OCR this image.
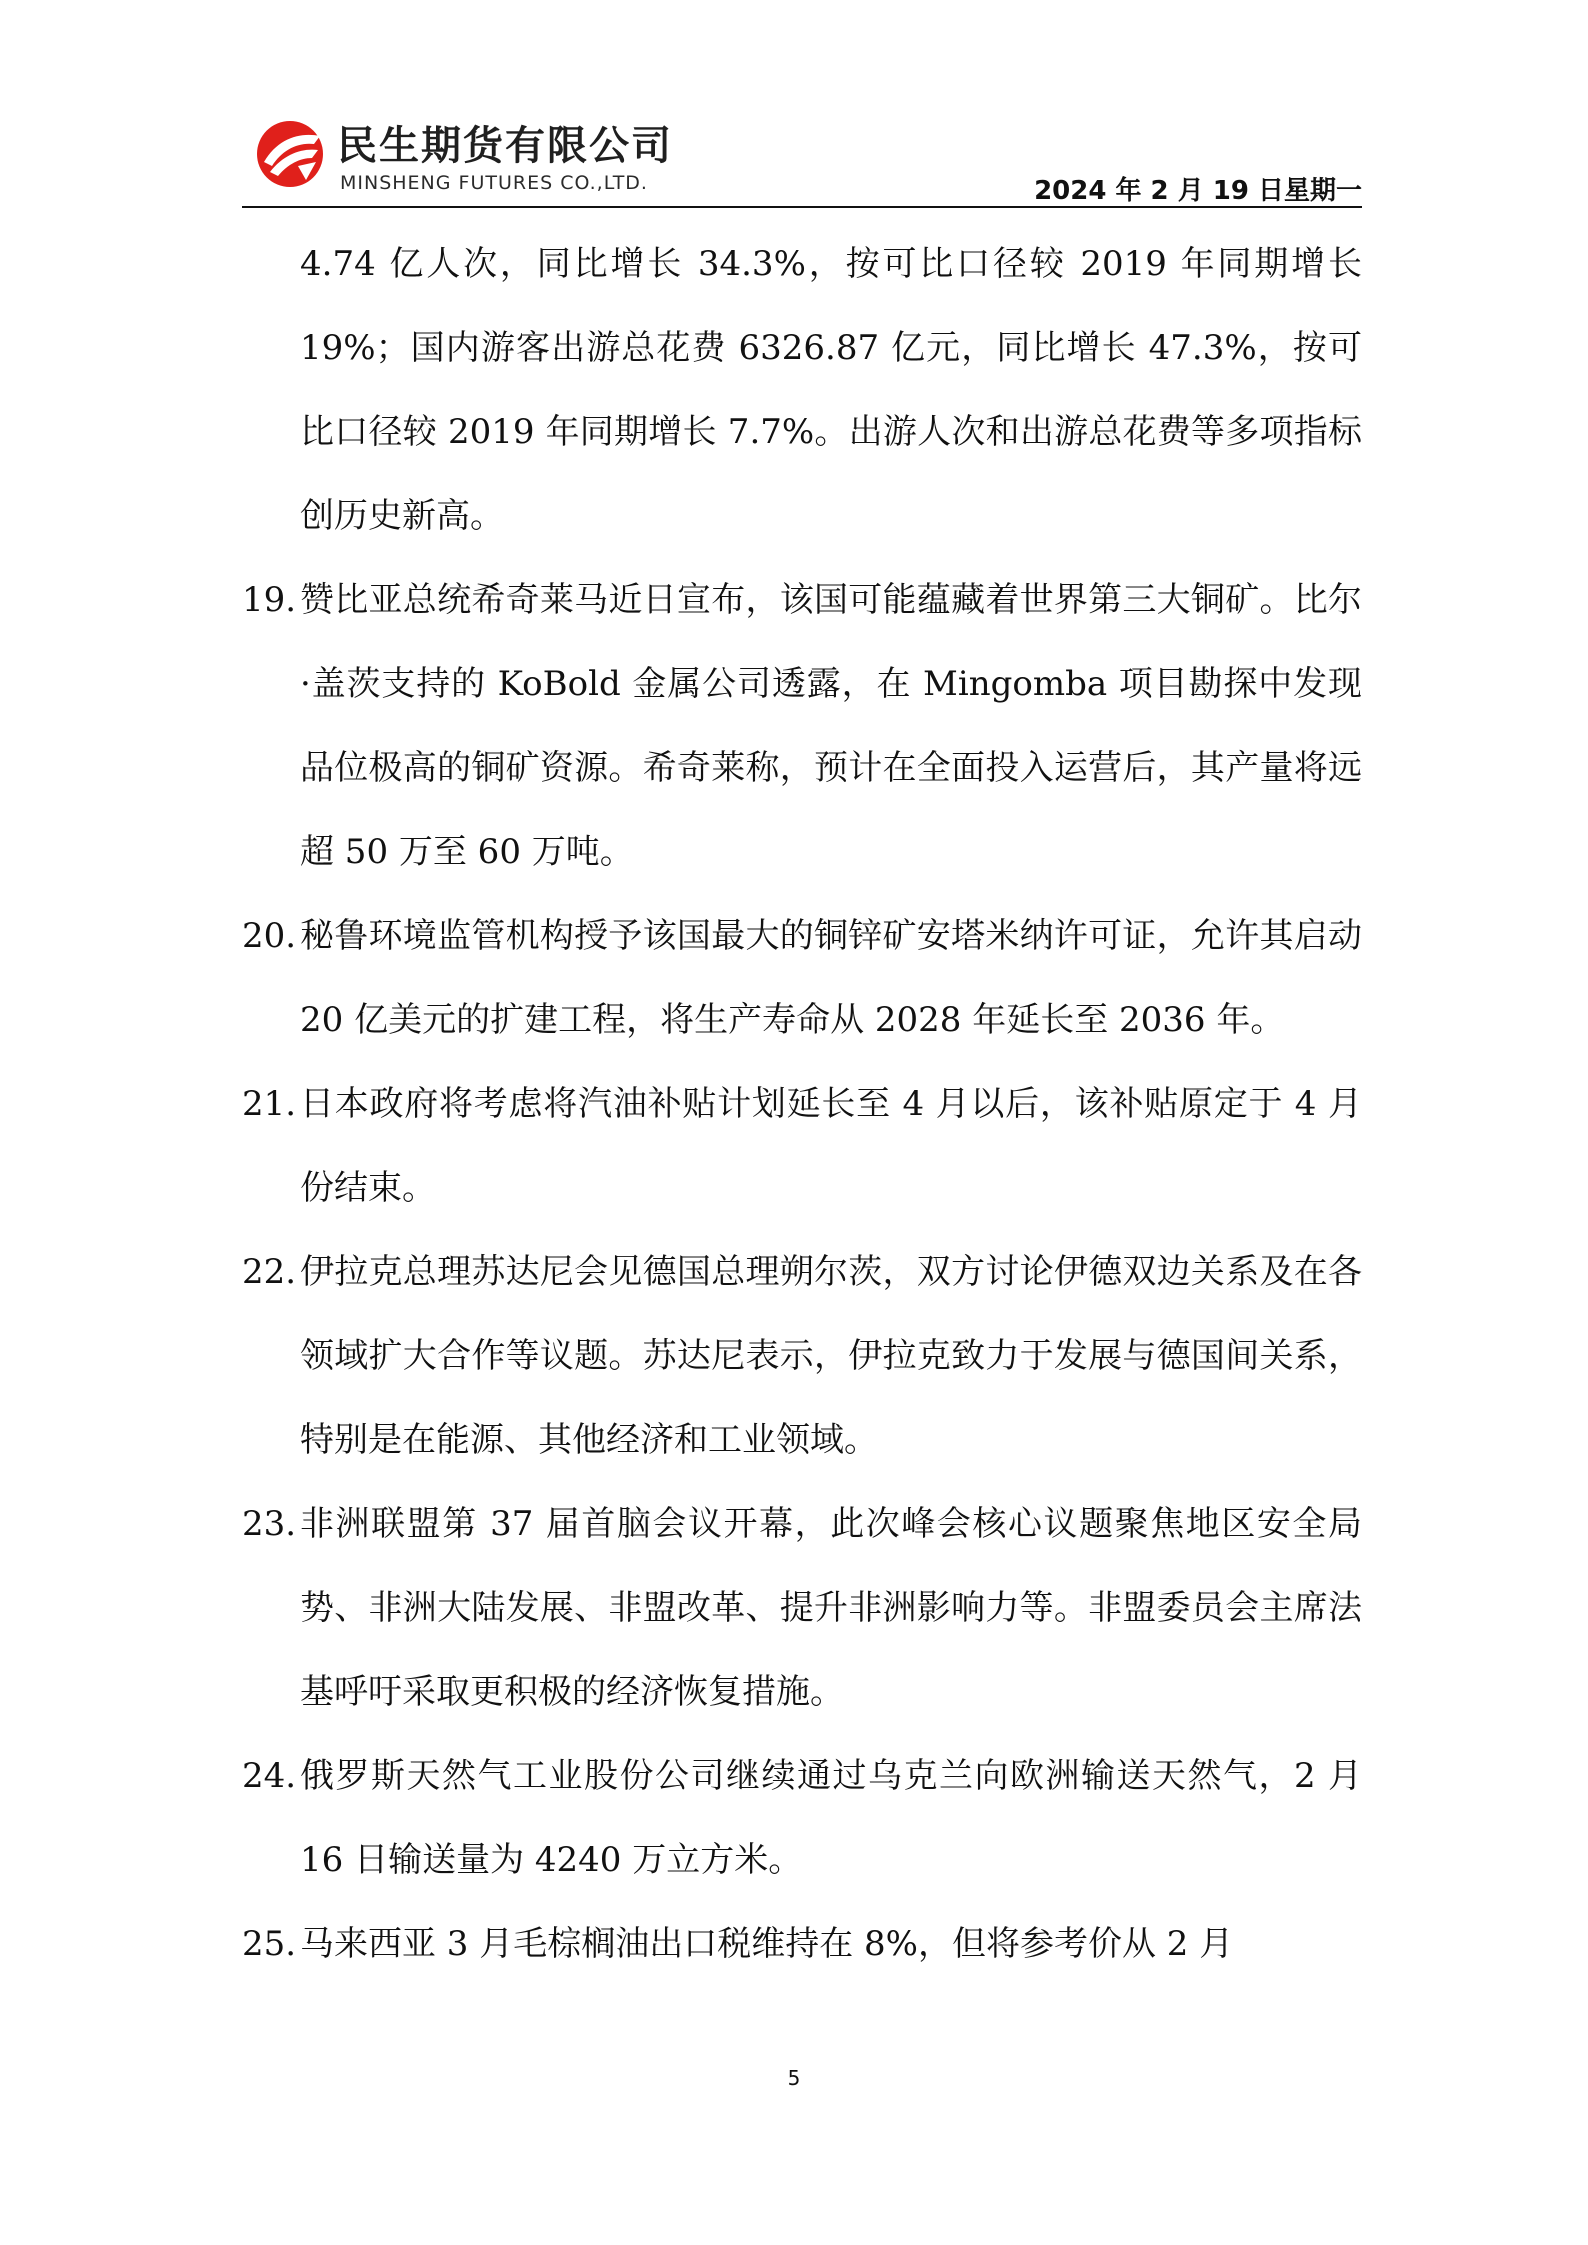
民生期货有限公司
MINSHENG FUTURES CO.,LTD.	2024 年 2 月 19 日星期一
4.74 亿人次，同比增长 34.3%，按可比口径较 2019 年同期增长 19%；国内游客出游总花费 6326.87 亿元，同比增长 47.3%，按可比口径较 2019 年同期增长 7.7%。出游人次和出游总花费等多项指标创历史新高。
19. 赞比亚总统希奇莱马近日宣布，该国可能蕴藏着世界第三大铜矿。比尔·盖茨支持的 KoBold 金属公司透露，在 Mingomba 项目勘探中发现品位极高的铜矿资源。希奇莱称，预计在全面投入运营后，其产量将远超 50 万至 60 万吨。
20. 秘鲁环境监管机构授予该国最大的铜锌矿安塔米纳许可证，允许其启动 20 亿美元的扩建工程，将生产寿命从 2028 年延长至 2036 年。
21. 日本政府将考虑将汽油补贴计划延长至 4 月以后，该补贴原定于 4 月份结束。
22. 伊拉克总理苏达尼会见德国总理朔尔茨，双方讨论伊德双边关系及在各领域扩大合作等议题。苏达尼表示，伊拉克致力于发展与德国间关系，特别是在能源、其他经济和工业领域。
23. 非洲联盟第 37 届首脑会议开幕，此次峰会核心议题聚焦地区安全局势、非洲大陆发展、非盟改革、提升非洲影响力等。非盟委员会主席法基呼吁采取更积极的经济恢复措施。
24. 俄罗斯天然气工业股份公司继续通过乌克兰向欧洲输送天然气，2 月 16 日输送量为 4240 万立方米。
25. 马来西亚 3 月毛棕榈油出口税维持在 8%，但将参考价从 2 月
5
